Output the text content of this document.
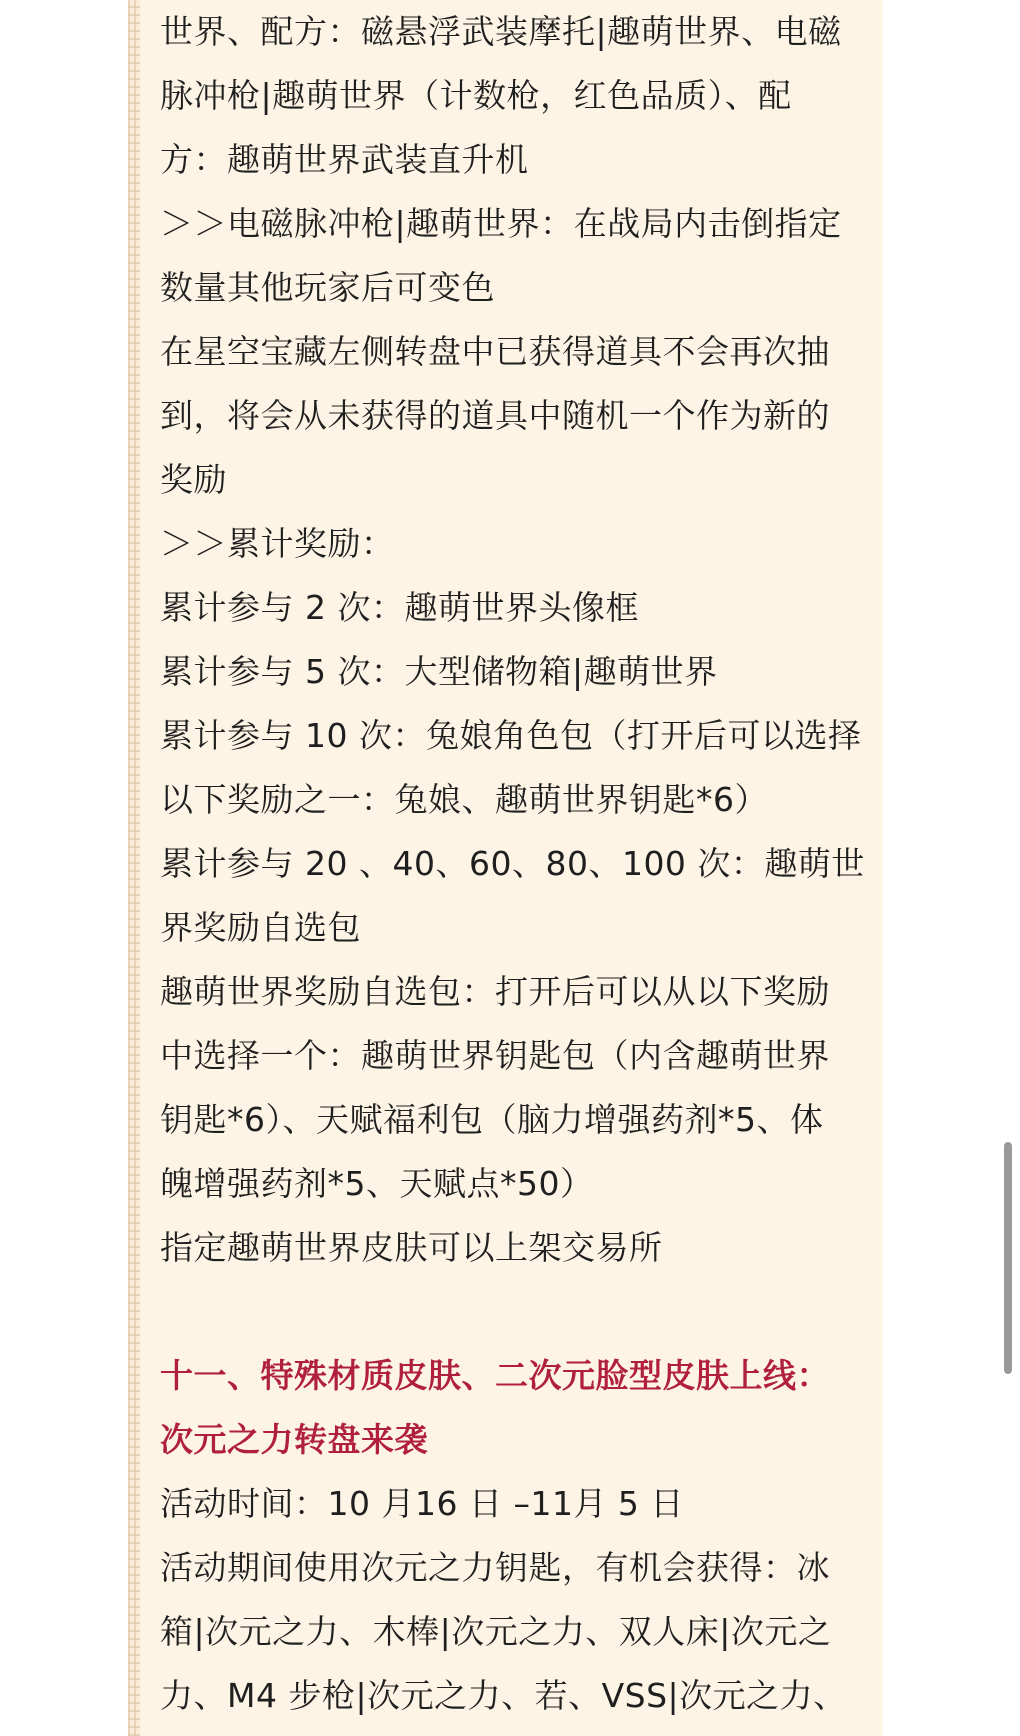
世界、配方：磁悬浮武装摩托|趣萌世界、电磁
脉冲枪|趣萌世界（计数枪，红色品质）、配
方：趣萌世界武装直升机
＞＞电磁脉冲枪|趣萌世界：在战局内击倒指定
数量其他玩家后可变色
在星空宝藏左侧转盘中已获得道具不会再次抽
到，将会从未获得的道具中随机一个作为新的
奖励
＞＞累计奖励：
累计参与 2 次：趣萌世界头像框
累计参与 5 次：大型储物箱|趣萌世界
累计参与 10 次：兔娘角色包（打开后可以选择
以下奖励之一：兔娘、趣萌世界钥匙*6）
累计参与 20 、40、60、80、100 次：趣萌世
界奖励自选包
趣萌世界奖励自选包：打开后可以从以下奖励
中选择一个：趣萌世界钥匙包（内含趣萌世界
钥匙*6）、天赋福利包（脑力增强药剂*5、体
魄增强药剂*5、天赋点*50）
指定趣萌世界皮肤可以上架交易所
十一、特殊材质皮肤、二次元脸型皮肤上线：
次元之力转盘来袭
活动时间：10 月16 日 –11月 5 日
活动期间使用次元之力钥匙，有机会获得：冰
箱|次元之力、木棒|次元之力、双人床|次元之
力、M4 步枪|次元之力、若、VSS|次元之力、
